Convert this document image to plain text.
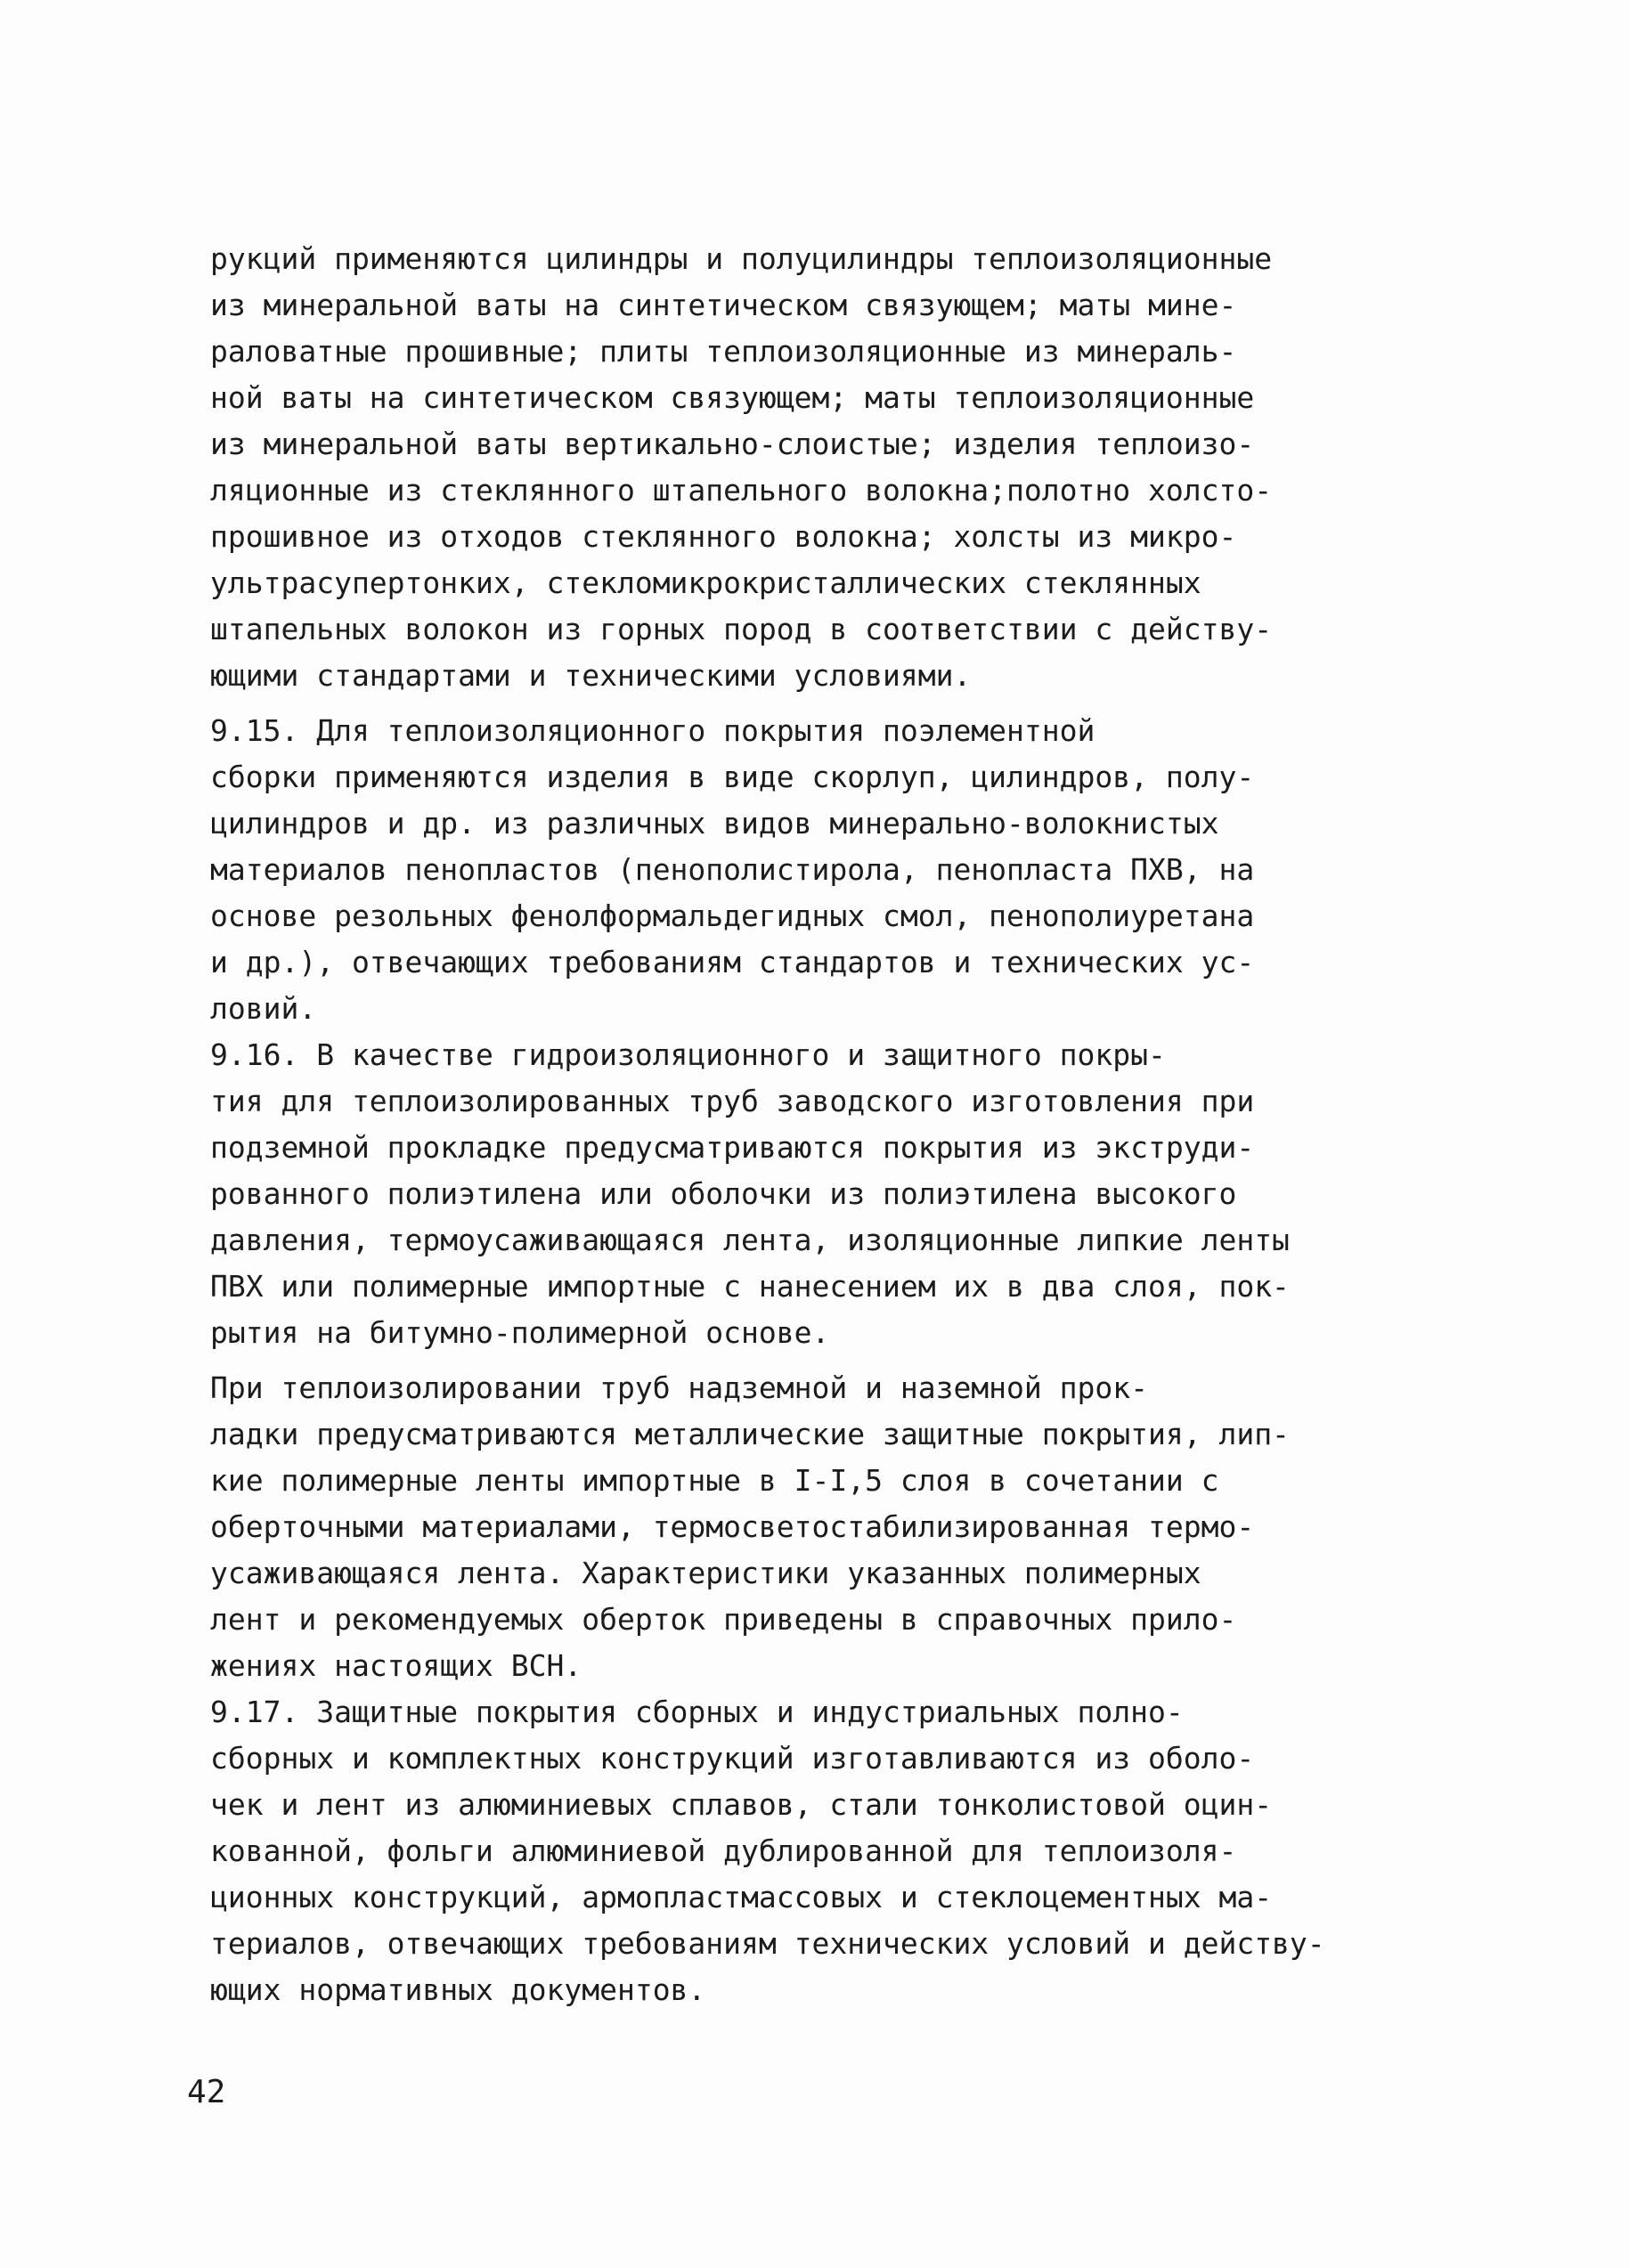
рукций применяются цилиндры и полуцилиндры теплоизоляционные
из минеральной ваты на синтетическом связующем; маты мине-
раловатные прошивные; плиты теплоизоляционные из минераль-
ной ваты на синтетическом связующем; маты теплоизоляционные
из минеральной ваты вертикально-слоистые; изделия теплоизо-
ляционные из стеклянного штапельного волокна;полотно холсто-
прошивное из отходов стеклянного волокна; холсты из микро-
ультрасупертонких, стекломикрокристаллических стеклянных
штапельных волокон из горных пород в соответствии с действу-
ющими стандартами и техническими условиями.
9.15. Для теплоизоляционного покрытия поэлементной
сборки применяются изделия в виде скорлуп, цилиндров, полу-
цилиндров и др. из различных видов минерально-волокнистых
материалов пенопластов (пенополистирола, пенопласта ПХВ, на
основе резольных фенолформальдегидных смол, пенополиуретана
и др.), отвечающих требованиям стандартов и технических ус-
ловий.
9.16. В качестве гидроизоляционного и защитного покры-
тия для теплоизолированных труб заводского изготовления при
подземной прокладке предусматриваются покрытия из экструди-
рованного полиэтилена или оболочки из полиэтилена высокого
давления, термоусаживающаяся лента, изоляционные липкие ленты
ПВХ или полимерные импортные с нанесением их в два слоя, пок-
рытия на битумно-полимерной основе.
При теплоизолировании труб надземной и наземной прок-
ладки предусматриваются металлические защитные покрытия, лип-
кие полимерные ленты импортные в I-I,5 слоя в сочетании с
оберточными материалами, термосветостабилизированная термо-
усаживающаяся лента. Характеристики указанных полимерных
лент и рекомендуемых оберток приведены в справочных прило-
жениях настоящих ВСН.
9.17. Защитные покрытия сборных и индустриальных полно-
сборных и комплектных конструкций изготавливаются из оболо-
чек и лент из алюминиевых сплавов, стали тонколистовой оцин-
кованной, фольги алюминиевой дублированной для теплоизоля-
ционных конструкций, армопластмассовых и стеклоцементных ма-
териалов, отвечающих требованиям технических условий и действу-
ющих нормативных документов.
42
